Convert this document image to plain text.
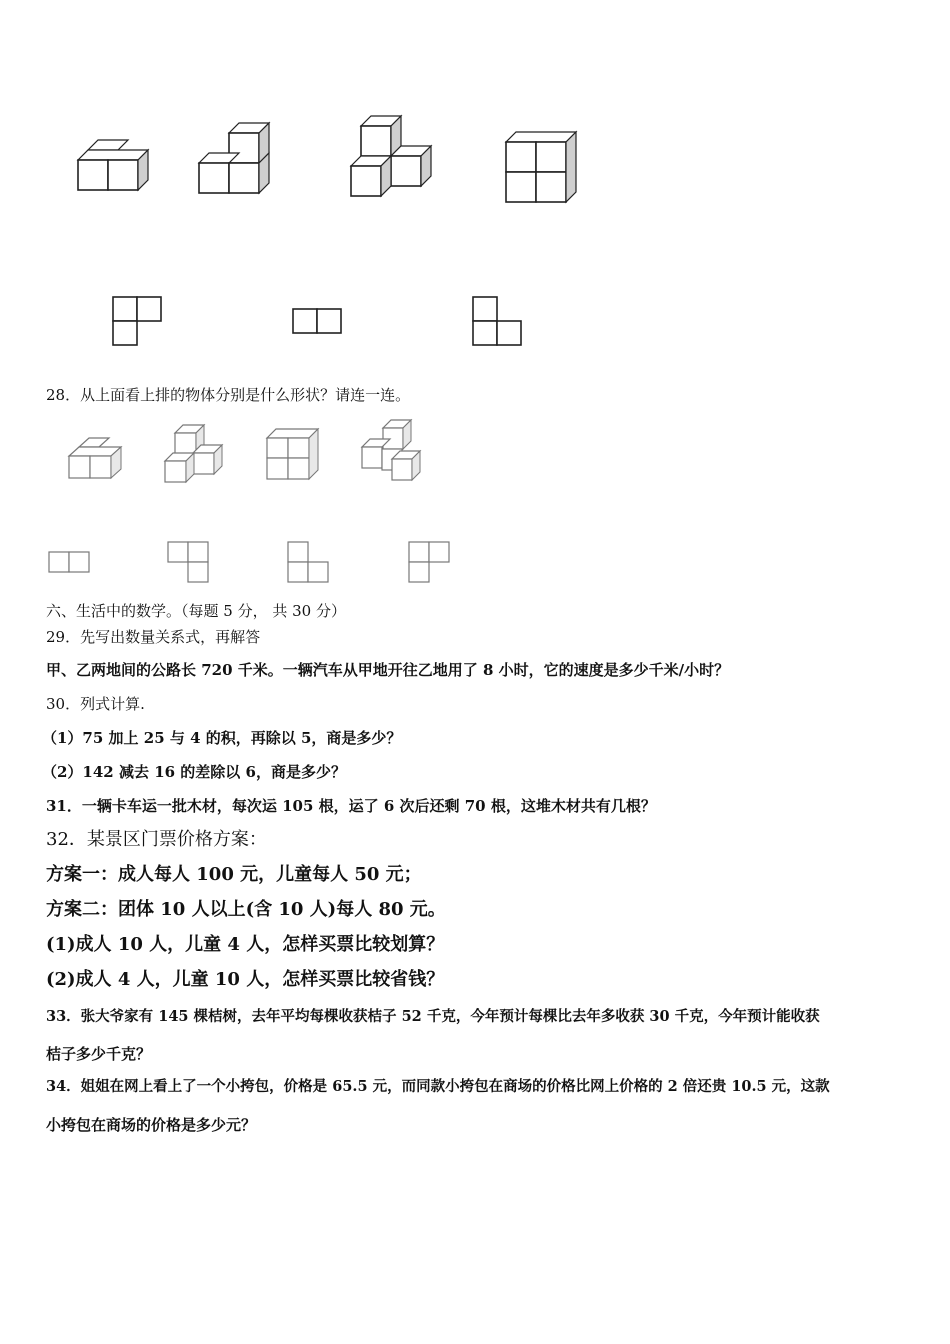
28．从上面看上排的物体分别是什么形状？请连一连。
六、生活中的数学。（每题 5 分， 共 30 分）
29．先写出数量关系式，再解答
甲、乙两地间的公路长 720 千米。一辆汽车从甲地开往乙地用了 8 小时，它的速度是多少千米/小时？
30．列式计算.
（1）75 加上 25 与 4 的积，再除以 5，商是多少？
（2）142 减去 16 的差除以 6，商是多少？
31．一辆卡车运一批木材，每次运 105 根，运了 6 次后还剩 70 根，这堆木材共有几根？
32．某景区门票价格方案：
方案一：成人每人 100 元，儿童每人 50 元；
方案二：团体 10 人以上(含 10 人)每人 80 元。
(1)成人 10 人，儿童 4 人，怎样买票比较划算？
(2)成人 4 人，儿童 10 人，怎样买票比较省钱？
33．张大爷家有 145 棵桔树，去年平均每棵收获桔子 52 千克，今年预计每棵比去年多收获 30 千克，今年预计能收获
桔子多少千克？
34．姐姐在网上看上了一个小挎包，价格是 65.5 元，而同款小挎包在商场的价格比网上价格的 2 倍还贵 10.5 元，这款
小挎包在商场的价格是多少元？
